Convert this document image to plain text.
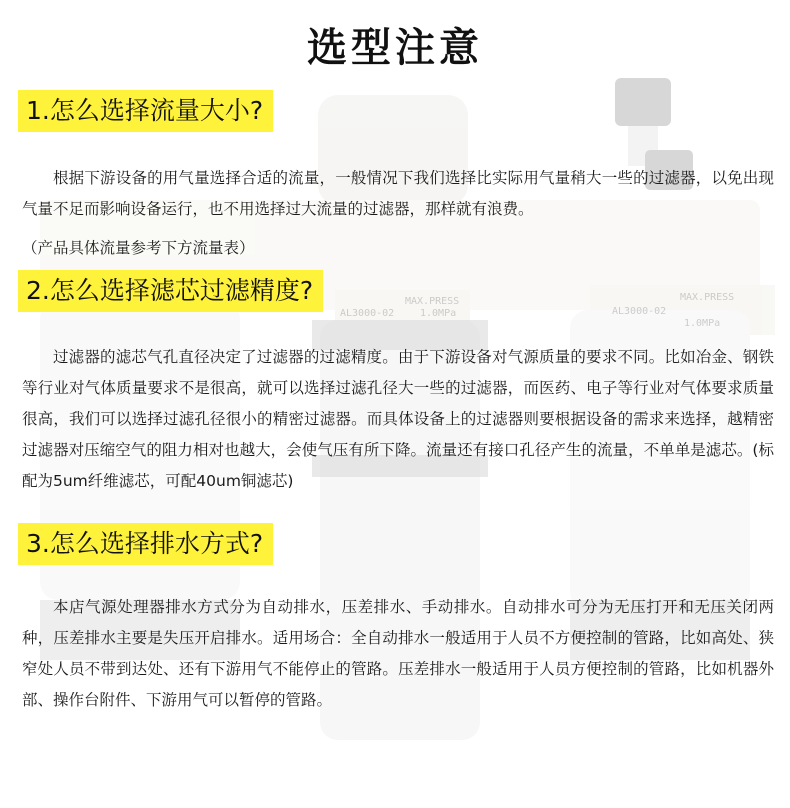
MAX.PRESS
AL3000-02	1.0MPa
MAX.PRESS
AL3000-02
1.0MPa
选型注意
1.怎么选择流量大小?

根据下游设备的用气量选择合适的流量，一般情况下我们选择比实际用气量稍大一些的过滤器，以免出现气量不足而影响设备运行，也不用选择过大流量的过滤器，那样就有浪费。

（产品具体流量参考下方流量表）
2.怎么选择滤芯过滤精度?

过滤器的滤芯气孔直径决定了过滤器的过滤精度。由于下游设备对气源质量的要求不同。比如冶金、钢铁等行业对气体质量要求不是很高，就可以选择过滤孔径大一些的过滤器，而医药、电子等行业对气体要求质量很高，我们可以选择过滤孔径很小的精密过滤器。而具体设备上的过滤器则要根据设备的需求来选择，越精密过滤器对压缩空气的阻力相对也越大，会使气压有所下降。流量还有接口孔径产生的流量，不单单是滤芯。(标配为5um纤维滤芯，可配40um铜滤芯)

3.怎么选择排水方式?

本店气源处理器排水方式分为自动排水，压差排水、手动排水。自动排水可分为无压打开和无压关闭两种，压差排水主要是失压开启排水。适用场合：全自动排水一般适用于人员不方便控制的管路，比如高处、狭窄处人员不带到达处、还有下游用气不能停止的管路。压差排水一般适用于人员方便控制的管路，比如机器外部、操作台附件、下游用气可以暂停的管路。
